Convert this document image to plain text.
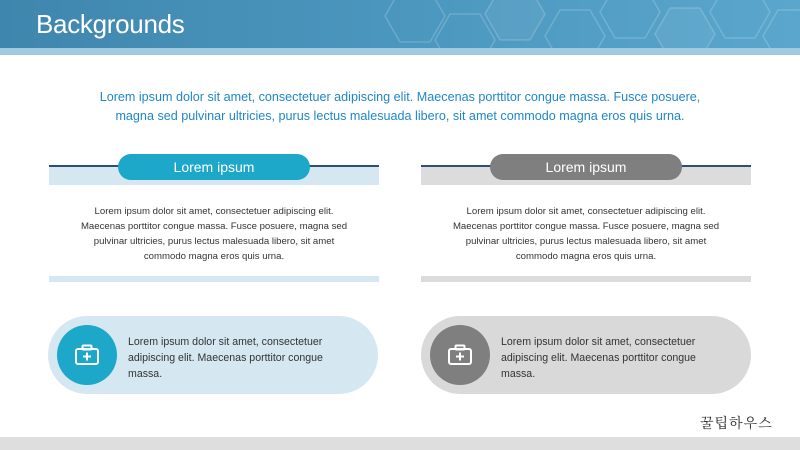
Backgrounds

Lorem ipsum dolor sit amet, consectetuer adipiscing elit. Maecenas porttitor congue massa. Fusce posuere,
magna sed pulvinar ultricies, purus lectus malesuada libero, sit amet commodo magna eros quis urna.

Lorem ipsum

Lorem ipsum dolor sit amet, consectetuer adipiscing elit.
Maecenas porttitor congue massa. Fusce posuere, magna sed
pulvinar ultricies, purus lectus malesuada libero, sit amet
commodo magna eros quis urna.

Lorem ipsum

Lorem ipsum dolor sit amet, consectetuer adipiscing elit.
Maecenas porttitor congue massa. Fusce posuere, magna sed
pulvinar ultricies, purus lectus malesuada libero, sit amet
commodo magna eros quis urna.

Lorem ipsum dolor sit amet, consectetuer
adipiscing elit. Maecenas porttitor congue
massa.

Lorem ipsum dolor sit amet, consectetuer
adipiscing elit. Maecenas porttitor congue
massa.

꿀팁하우스
